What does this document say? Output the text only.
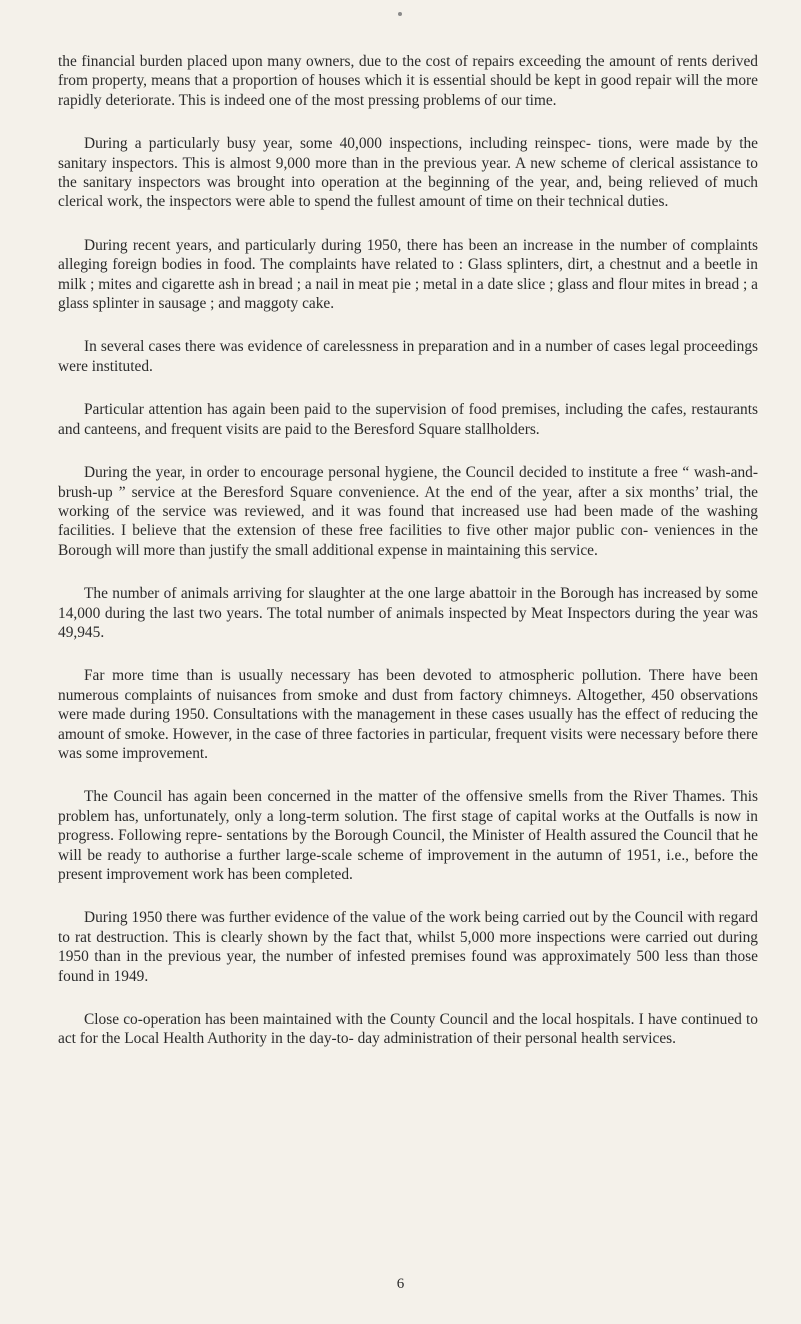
the financial burden placed upon many owners, due to the cost of repairs exceeding the amount of rents derived from property, means that a proportion of houses which it is essential should be kept in good repair will the more rapidly deteriorate. This is indeed one of the most pressing problems of our time.

During a particularly busy year, some 40,000 inspections, including reinspec- tions, were made by the sanitary inspectors. This is almost 9,000 more than in the previous year. A new scheme of clerical assistance to the sanitary inspectors was brought into operation at the beginning of the year, and, being relieved of much clerical work, the inspectors were able to spend the fullest amount of time on their technical duties.

During recent years, and particularly during 1950, there has been an increase in the number of complaints alleging foreign bodies in food. The complaints have related to : Glass splinters, dirt, a chestnut and a beetle in milk ; mites and cigarette ash in bread ; a nail in meat pie ; metal in a date slice ; glass and flour mites in bread ; a glass splinter in sausage ; and maggoty cake.

In several cases there was evidence of carelessness in preparation and in a number of cases legal proceedings were instituted.

Particular attention has again been paid to the supervision of food premises, including the cafes, restaurants and canteens, and frequent visits are paid to the Beresford Square stallholders.

During the year, in order to encourage personal hygiene, the Council decided to institute a free “ wash-and-brush-up ” service at the Beresford Square convenience. At the end of the year, after a six months’ trial, the working of the service was reviewed, and it was found that increased use had been made of the washing facilities. I believe that the extension of these free facilities to five other major public con- veniences in the Borough will more than justify the small additional expense in maintaining this service.

The number of animals arriving for slaughter at the one large abattoir in the Borough has increased by some 14,000 during the last two years. The total number of animals inspected by Meat Inspectors during the year was 49,945.

Far more time than is usually necessary has been devoted to atmospheric pollution. There have been numerous complaints of nuisances from smoke and dust from factory chimneys. Altogether, 450 observations were made during 1950. Consultations with the management in these cases usually has the effect of reducing the amount of smoke. However, in the case of three factories in particular, frequent visits were necessary before there was some improvement.

The Council has again been concerned in the matter of the offensive smells from the River Thames. This problem has, unfortunately, only a long-term solution. The first stage of capital works at the Outfalls is now in progress. Following repre- sentations by the Borough Council, the Minister of Health assured the Council that he will be ready to authorise a further large-scale scheme of improvement in the autumn of 1951, i.e., before the present improvement work has been completed.

During 1950 there was further evidence of the value of the work being carried out by the Council with regard to rat destruction. This is clearly shown by the fact that, whilst 5,000 more inspections were carried out during 1950 than in the previous year, the number of infested premises found was approximately 500 less than those found in 1949.

Close co-operation has been maintained with the County Council and the local hospitals. I have continued to act for the Local Health Authority in the day-to- day administration of their personal health services.

6
